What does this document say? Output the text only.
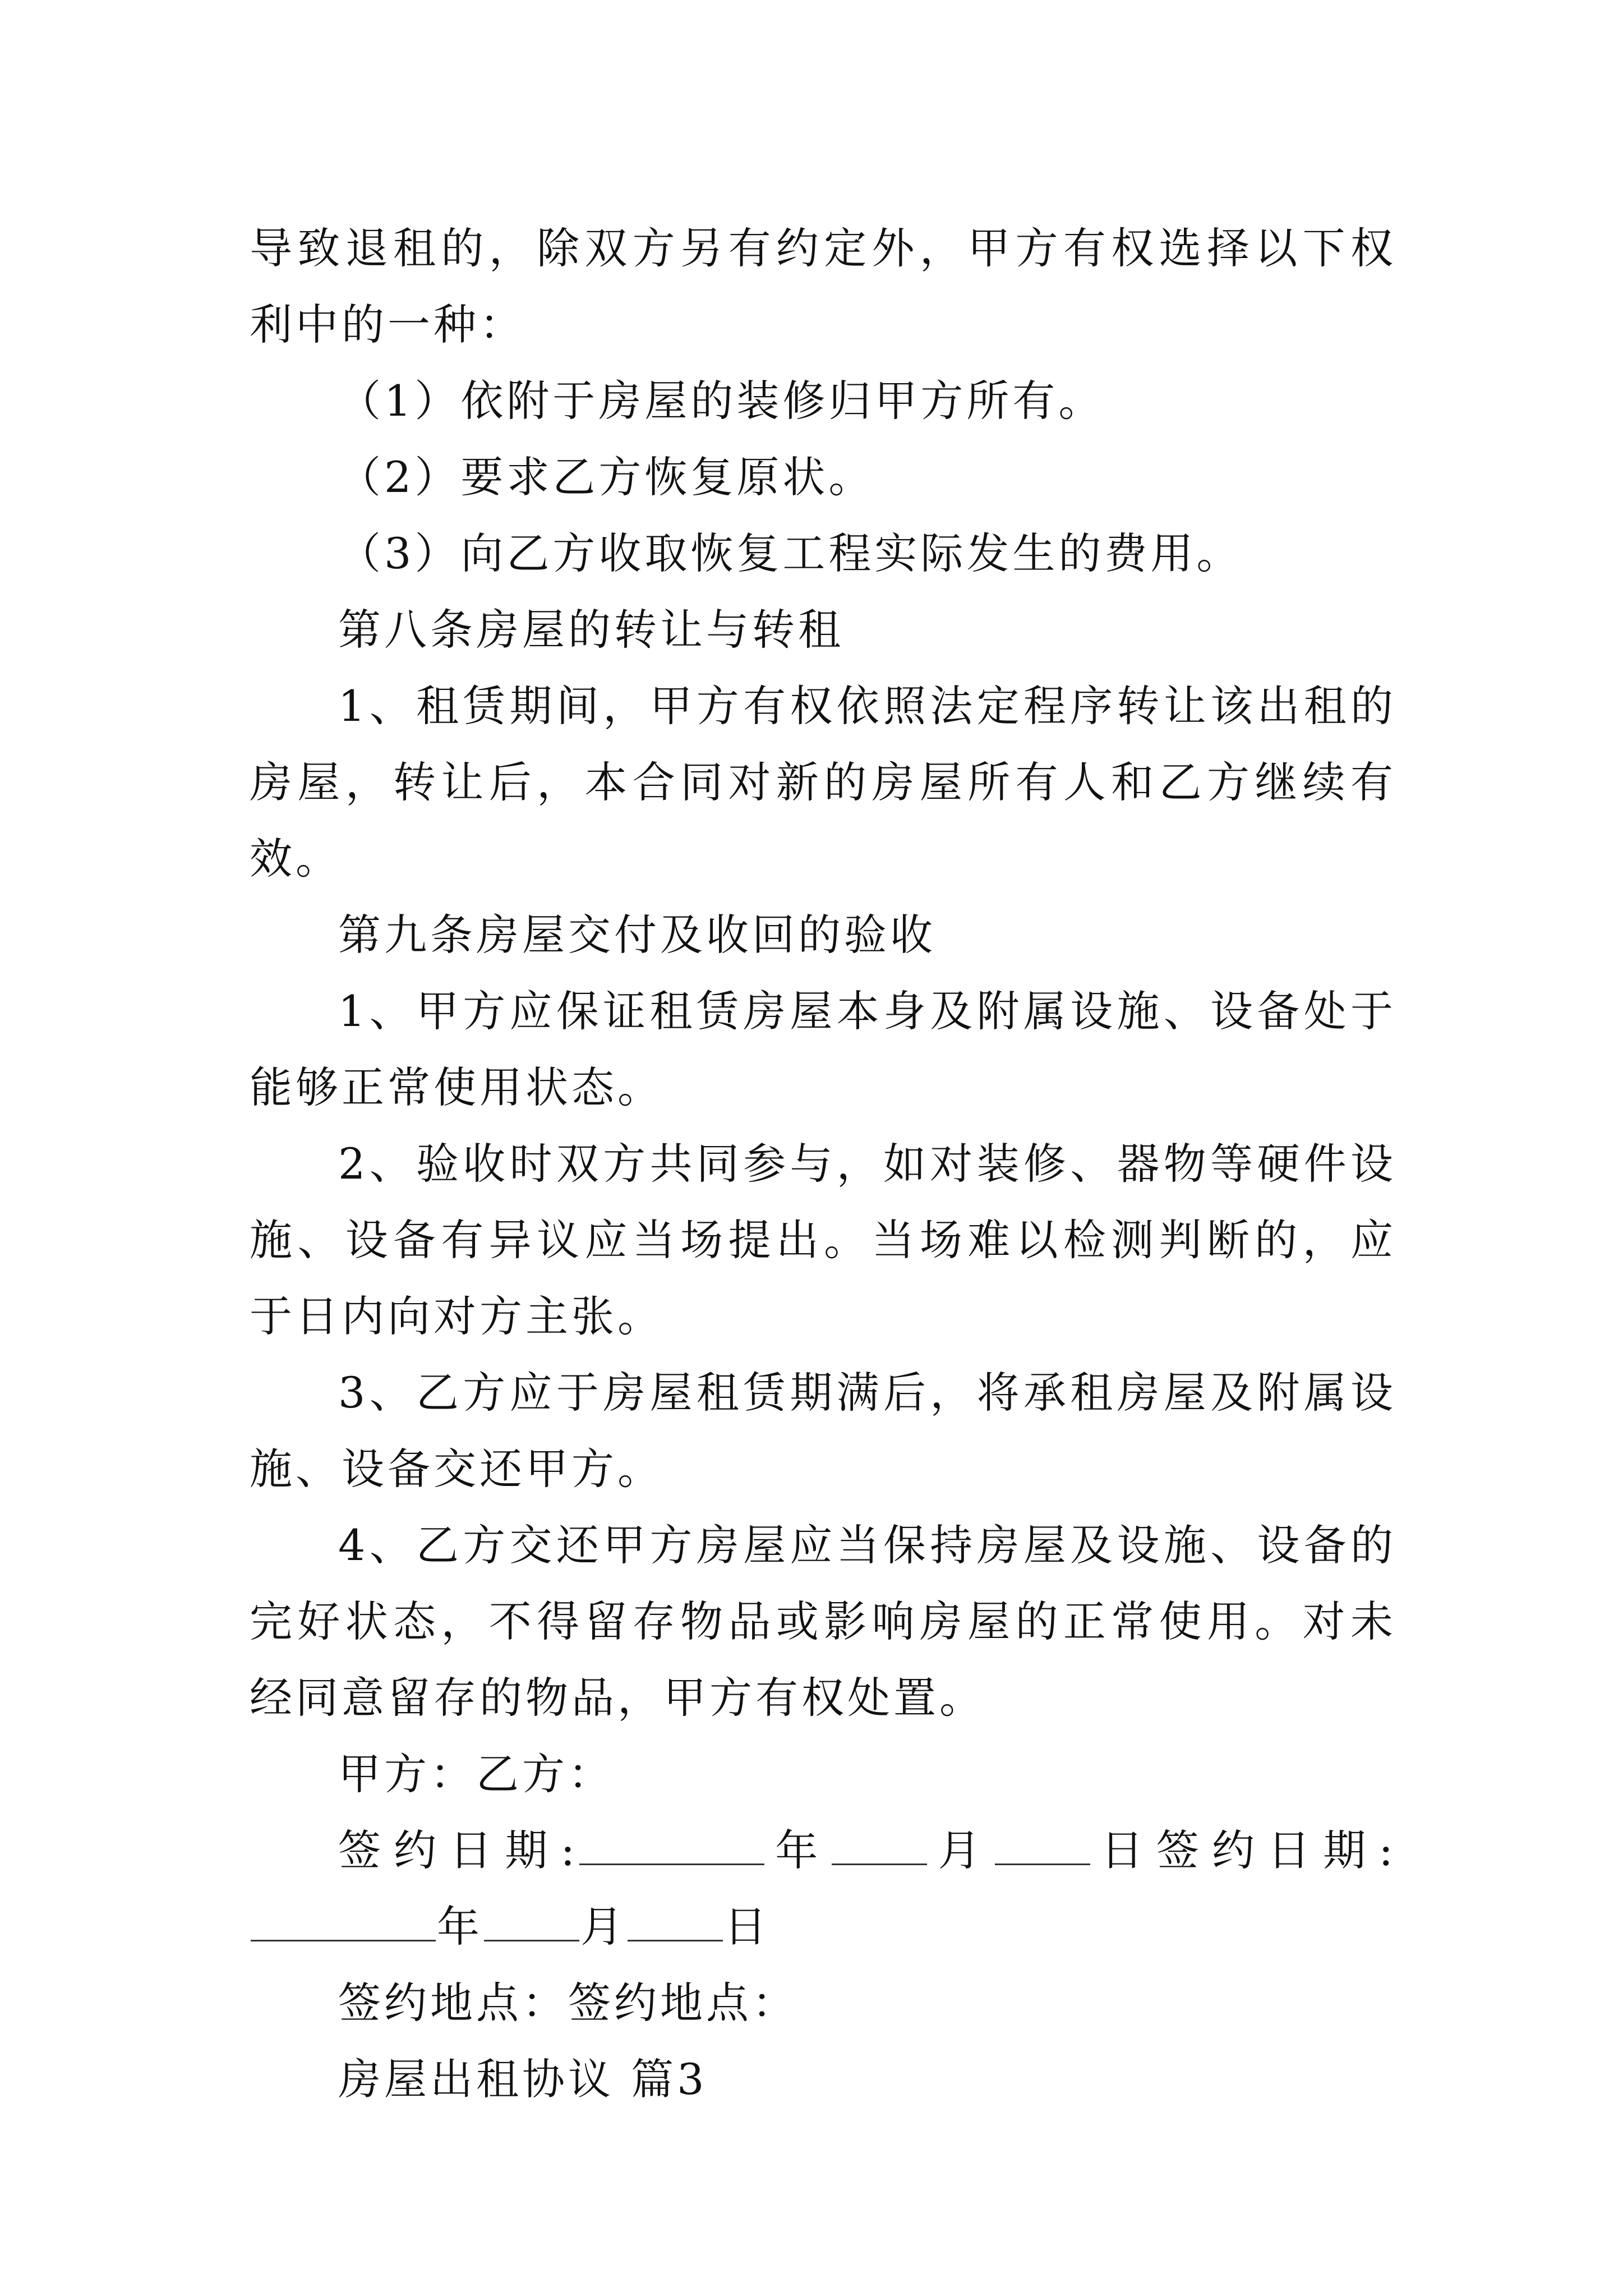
导致退租的，除双方另有约定外，甲方有权选择以下权利中的一种：

（1）依附于房屋的装修归甲方所有。

（2）要求乙方恢复原状。

（3）向乙方收取恢复工程实际发生的费用。

第八条房屋的转让与转租

1、租赁期间，甲方有权依照法定程序转让该出租的房屋，转让后，本合同对新的房屋所有人和乙方继续有效。

第九条房屋交付及收回的验收

1、甲方应保证租赁房屋本身及附属设施、设备处于能够正常使用状态。

2、验收时双方共同参与，如对装修、器物等硬件设施、设备有异议应当场提出。当场难以检测判断的，应于日内向对方主张。

3、乙方应于房屋租赁期满后，将承租房屋及附属设施、设备交还甲方。

4、乙方交还甲方房屋应当保持房屋及设施、设备的完好状态，不得留存物品或影响房屋的正常使用。对未经同意留存的物品，甲方有权处置。

甲方：乙方：

签约日期:	年 月 日签约日期:年 月 日

签约地点：签约地点：

房屋出租协议 篇3
